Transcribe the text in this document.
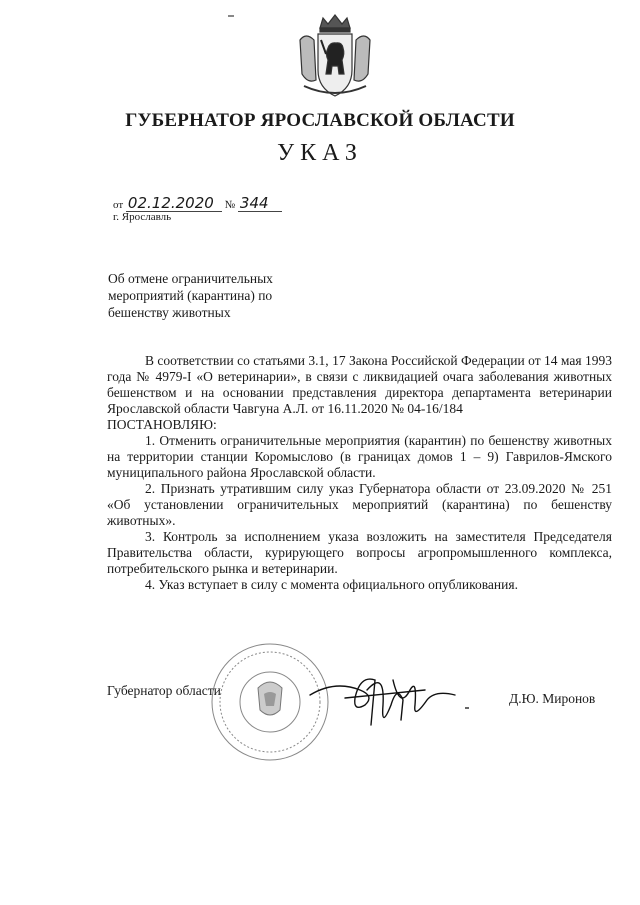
ГУБЕРНАТОР ЯРОСЛАВСКОЙ ОБЛАСТИ
УКАЗ
от 02.12.2020 № 344
г. Ярославль
Об отмене ограничительных мероприятий (карантина) по бешенству животных

В соответствии со статьями 3.1, 17 Закона Российской Федерации от 14 мая 1993 года № 4979-I «О ветеринарии», в связи с ликвидацией очага заболевания животных бешенством и на основании представления директора департамента ветеринарии Ярославской области Чавгуна А.Л. от 16.11.2020 № 04-16/184

ПОСТАНОВЛЯЮ:

1. Отменить ограничительные мероприятия (карантин) по бешенству животных на территории станции Коромыслово (в границах домов 1 – 9) Гаврилов-Ямского муниципального района Ярославской области.

2. Признать утратившим силу указ Губернатора области от 23.09.2020 № 251 «Об установлении ограничительных мероприятий (карантина) по бешенству животных».

3. Контроль за исполнением указа возложить на заместителя Председателя Правительства области, курирующего вопросы агропромышленного комплекса, потребительского рынка и ветеринарии.

4. Указ вступает в силу с момента официального опубликования.

Губернатор области
Д.Ю. Миронов
